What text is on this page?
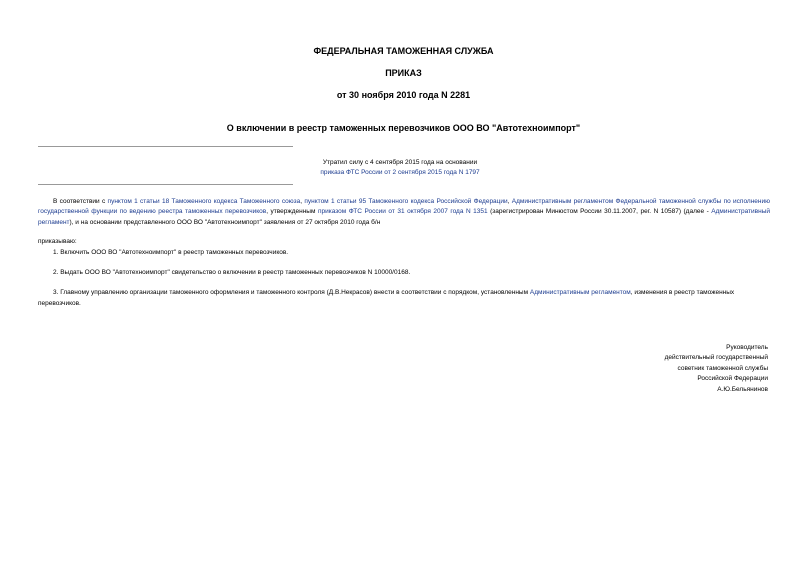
ФЕДЕРАЛЬНАЯ ТАМОЖЕННАЯ СЛУЖБА
ПРИКАЗ
от 30 ноября 2010 года N 2281
О включении в реестр таможенных перевозчиков ООО ВО "Автотехноимпорт"
Утратил силу с 4 сентября 2015 года на основании
приказа ФТС России от 2 сентября 2015 года N 1797

В соответствии с пунктом 1 статьи 18 Таможенного кодекса Таможенного союза, пунктом 1 статьи 95 Таможенного кодекса Российской Федерации, Административным регламентом Федеральной таможенной службы по исполнению государственной функции по ведению реестра таможенных перевозчиков, утвержденным приказом ФТС России от 31 октября 2007 года N 1351 (зарегистрирован Минюстом России 30.11.2007, рег. N 10587) (далее - Административный регламент), и на основании представленного ООО ВО "Автотехноимпорт" заявления от 27 октября 2010 года б/н

приказываю:

1. Включить ООО ВО "Автотехноимпорт" в реестр таможенных перевозчиков.

2. Выдать ООО ВО "Автотехноимпорт" свидетельство о включении в реестр таможенных перевозчиков N 10000/0168.

3. Главному управлению организации таможенного оформления и таможенного контроля (Д.В.Некрасов) внести в соответствии с порядком, установленным Административным регламентом, изменения в реестр таможенных перевозчиков.

Руководитель
действительный государственный
советник таможенной службы
Российской Федерации
А.Ю.Бельянинов
